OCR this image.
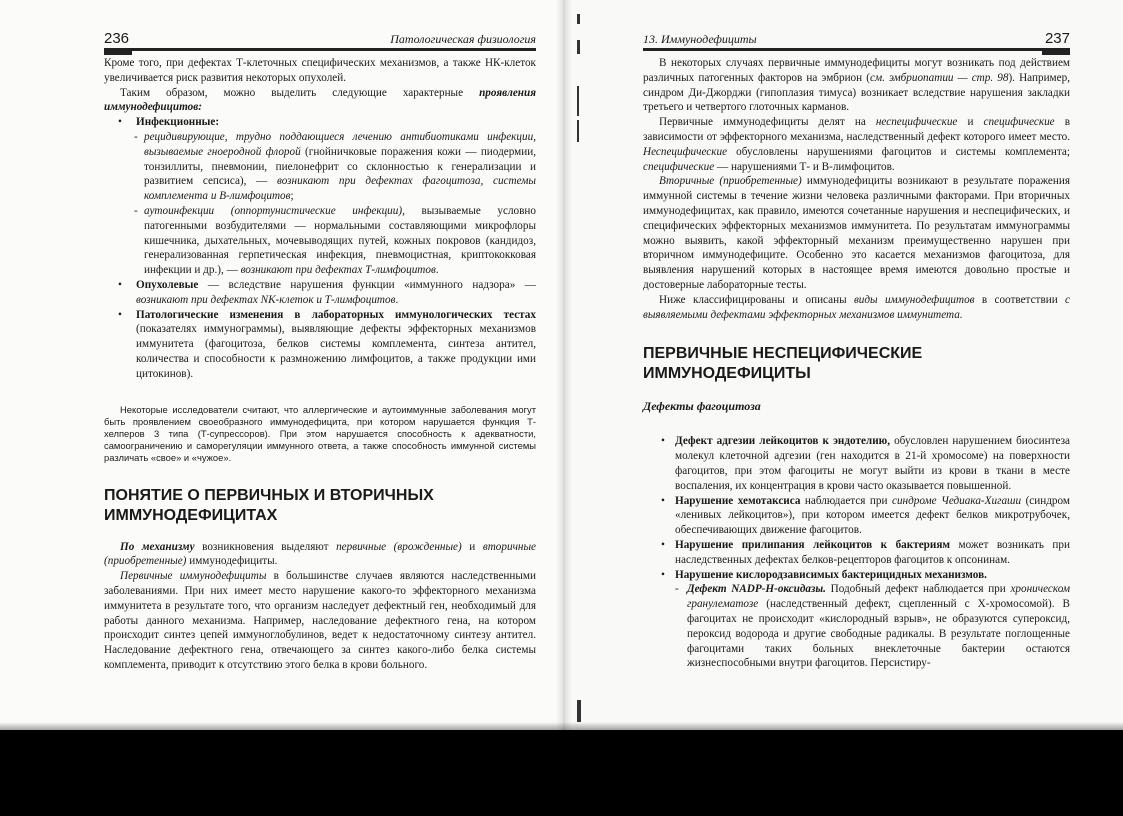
236	Патологическая физиология

Кроме того, при дефектах Т-клеточных специфических механизмов, а также НК-клеток увеличивается риск развития некоторых опухолей.

Таким образом, можно выделить следующие характерные проявления иммунодефицитов:

• Инфекционные:
- рецидивирующие, трудно поддающиеся лечению антибиотиками инфекции, вызываемые гноеродной флорой (гнойничковые поражения кожи — пиодермии, тонзиллиты, пневмонии, пиелонефрит со склонностью к генерализации и развитием сепсиса), — возникают при дефектах фагоцитоза, системы комплемента и В-лимфоцитов;
- аутоинфекции (оппортунистические инфекции), вызываемые условно патогенными возбудителями — нормальными составляющими микрофлоры кишечника, дыхательных, мочевыводящих путей, кожных покровов (кандидоз, генерализованная герпетическая инфекция, пневмоцистная, криптококковая инфекции и др.), — возникают при дефектах Т-лимфоцитов.
• Опухолевые — вследствие нарушения функции «иммунного надзора» — возникают при дефектах NK-клеток и Т-лимфоцитов.
• Патологические изменения в лабораторных иммунологических тестах (показателях иммунограммы), выявляющие дефекты эффекторных механизмов иммунитета (фагоцитоза, белков системы комплемента, синтеза антител, количества и способности к размножению лимфоцитов, а также продукции ими цитокинов).

Некоторые исследователи считают, что аллергические и аутоиммунные заболевания могут быть проявлением своеобразного иммунодефицита, при котором нарушается функция Т-хелперов 3 типа (Т-супрессоров). При этом нарушается способность к адекватности, самоограничению и саморегуляции иммунного ответа, а также способность иммунной системы различать «свое» и «чужое».

ПОНЯТИЕ О ПЕРВИЧНЫХ И ВТОРИЧНЫХ ИММУНОДЕФИЦИТАХ

По механизму возникновения выделяют первичные (врожденные) и вторичные (приобретенные) иммунодефициты.

Первичные иммунодефициты в большинстве случаев являются наследственными заболеваниями. При них имеет место нарушение какого-то эффекторного механизма иммунитета в результате того, что организм наследует дефектный ген, необходимый для работы данного механизма. Например, наследование дефектного гена, на котором происходит синтез цепей иммуноглобулинов, ведет к недостаточному синтезу антител. Наследование дефектного гена, отвечающего за синтез какого-либо белка системы комплемента, приводит к отсутствию этого белка в крови больного.

13. Иммунодефициты	237

В некоторых случаях первичные иммунодефициты могут возникать под действием различных патогенных факторов на эмбрион (см. эмбриопатии — стр. 98). Например, синдром Ди-Джорджи (гипоплазия тимуса) возникает вследствие нарушения закладки третьего и четвертого глоточных карманов.

Первичные иммунодефициты делят на неспецифические и специфические в зависимости от эффекторного механизма, наследственный дефект которого имеет место. Неспецифические обусловлены нарушениями фагоцитов и системы комплемента; специфические — нарушениями Т- и В-лимфоцитов.

Вторичные (приобретенные) иммунодефициты возникают в результате поражения иммунной системы в течение жизни человека различными факторами. При вторичных иммунодефицитах, как правило, имеются сочетанные нарушения и неспецифических, и специфических эффекторных механизмов иммунитета. По результатам иммунограммы можно выявить, какой эффекторный механизм преимущественно нарушен при вторичном иммунодефиците. Особенно это касается механизмов фагоцитоза, для выявления нарушений которых в настоящее время имеются довольно простые и достоверные лабораторные тесты.

Ниже классифицированы и описаны виды иммунодефицитов в соответствии с выявляемыми дефектами эффекторных механизмов иммунитета.

ПЕРВИЧНЫЕ НЕСПЕЦИФИЧЕСКИЕ ИММУНОДЕФИЦИТЫ
Дефекты фагоцитоза
• Дефект адгезии лейкоцитов к эндотелию, обусловлен нарушением биосинтеза молекул клеточной адгезии (ген находится в 21-й хромосоме) на поверхности фагоцитов, при этом фагоциты не могут выйти из крови в ткани в месте воспаления, их концентрация в крови часто оказывается повышенной.
• Нарушение хемотаксиса наблюдается при синдроме Чедиака-Хигаши (синдром «ленивых лейкоцитов»), при котором имеется дефект белков микротрубочек, обеспечивающих движение фагоцитов.
• Нарушение прилипания лейкоцитов к бактериям может возникать при наследственных дефектах белков-рецепторов фагоцитов к опсонинам.
• Нарушение кислородзависимых бактерицидных механизмов.
- Дефект NADP-Н-оксидазы. Подобный дефект наблюдается при хроническом гранулематозе (наследственный дефект, сцепленный с Х-хромосомой). В фагоцитах не происходит «кислородный взрыв», не образуются супероксид, пероксид водорода и другие свободные радикалы. В результате поглощенные фагоцитами таких больных внеклеточные бактерии остаются жизнеспособными внутри фагоцитов. Персистиру-
